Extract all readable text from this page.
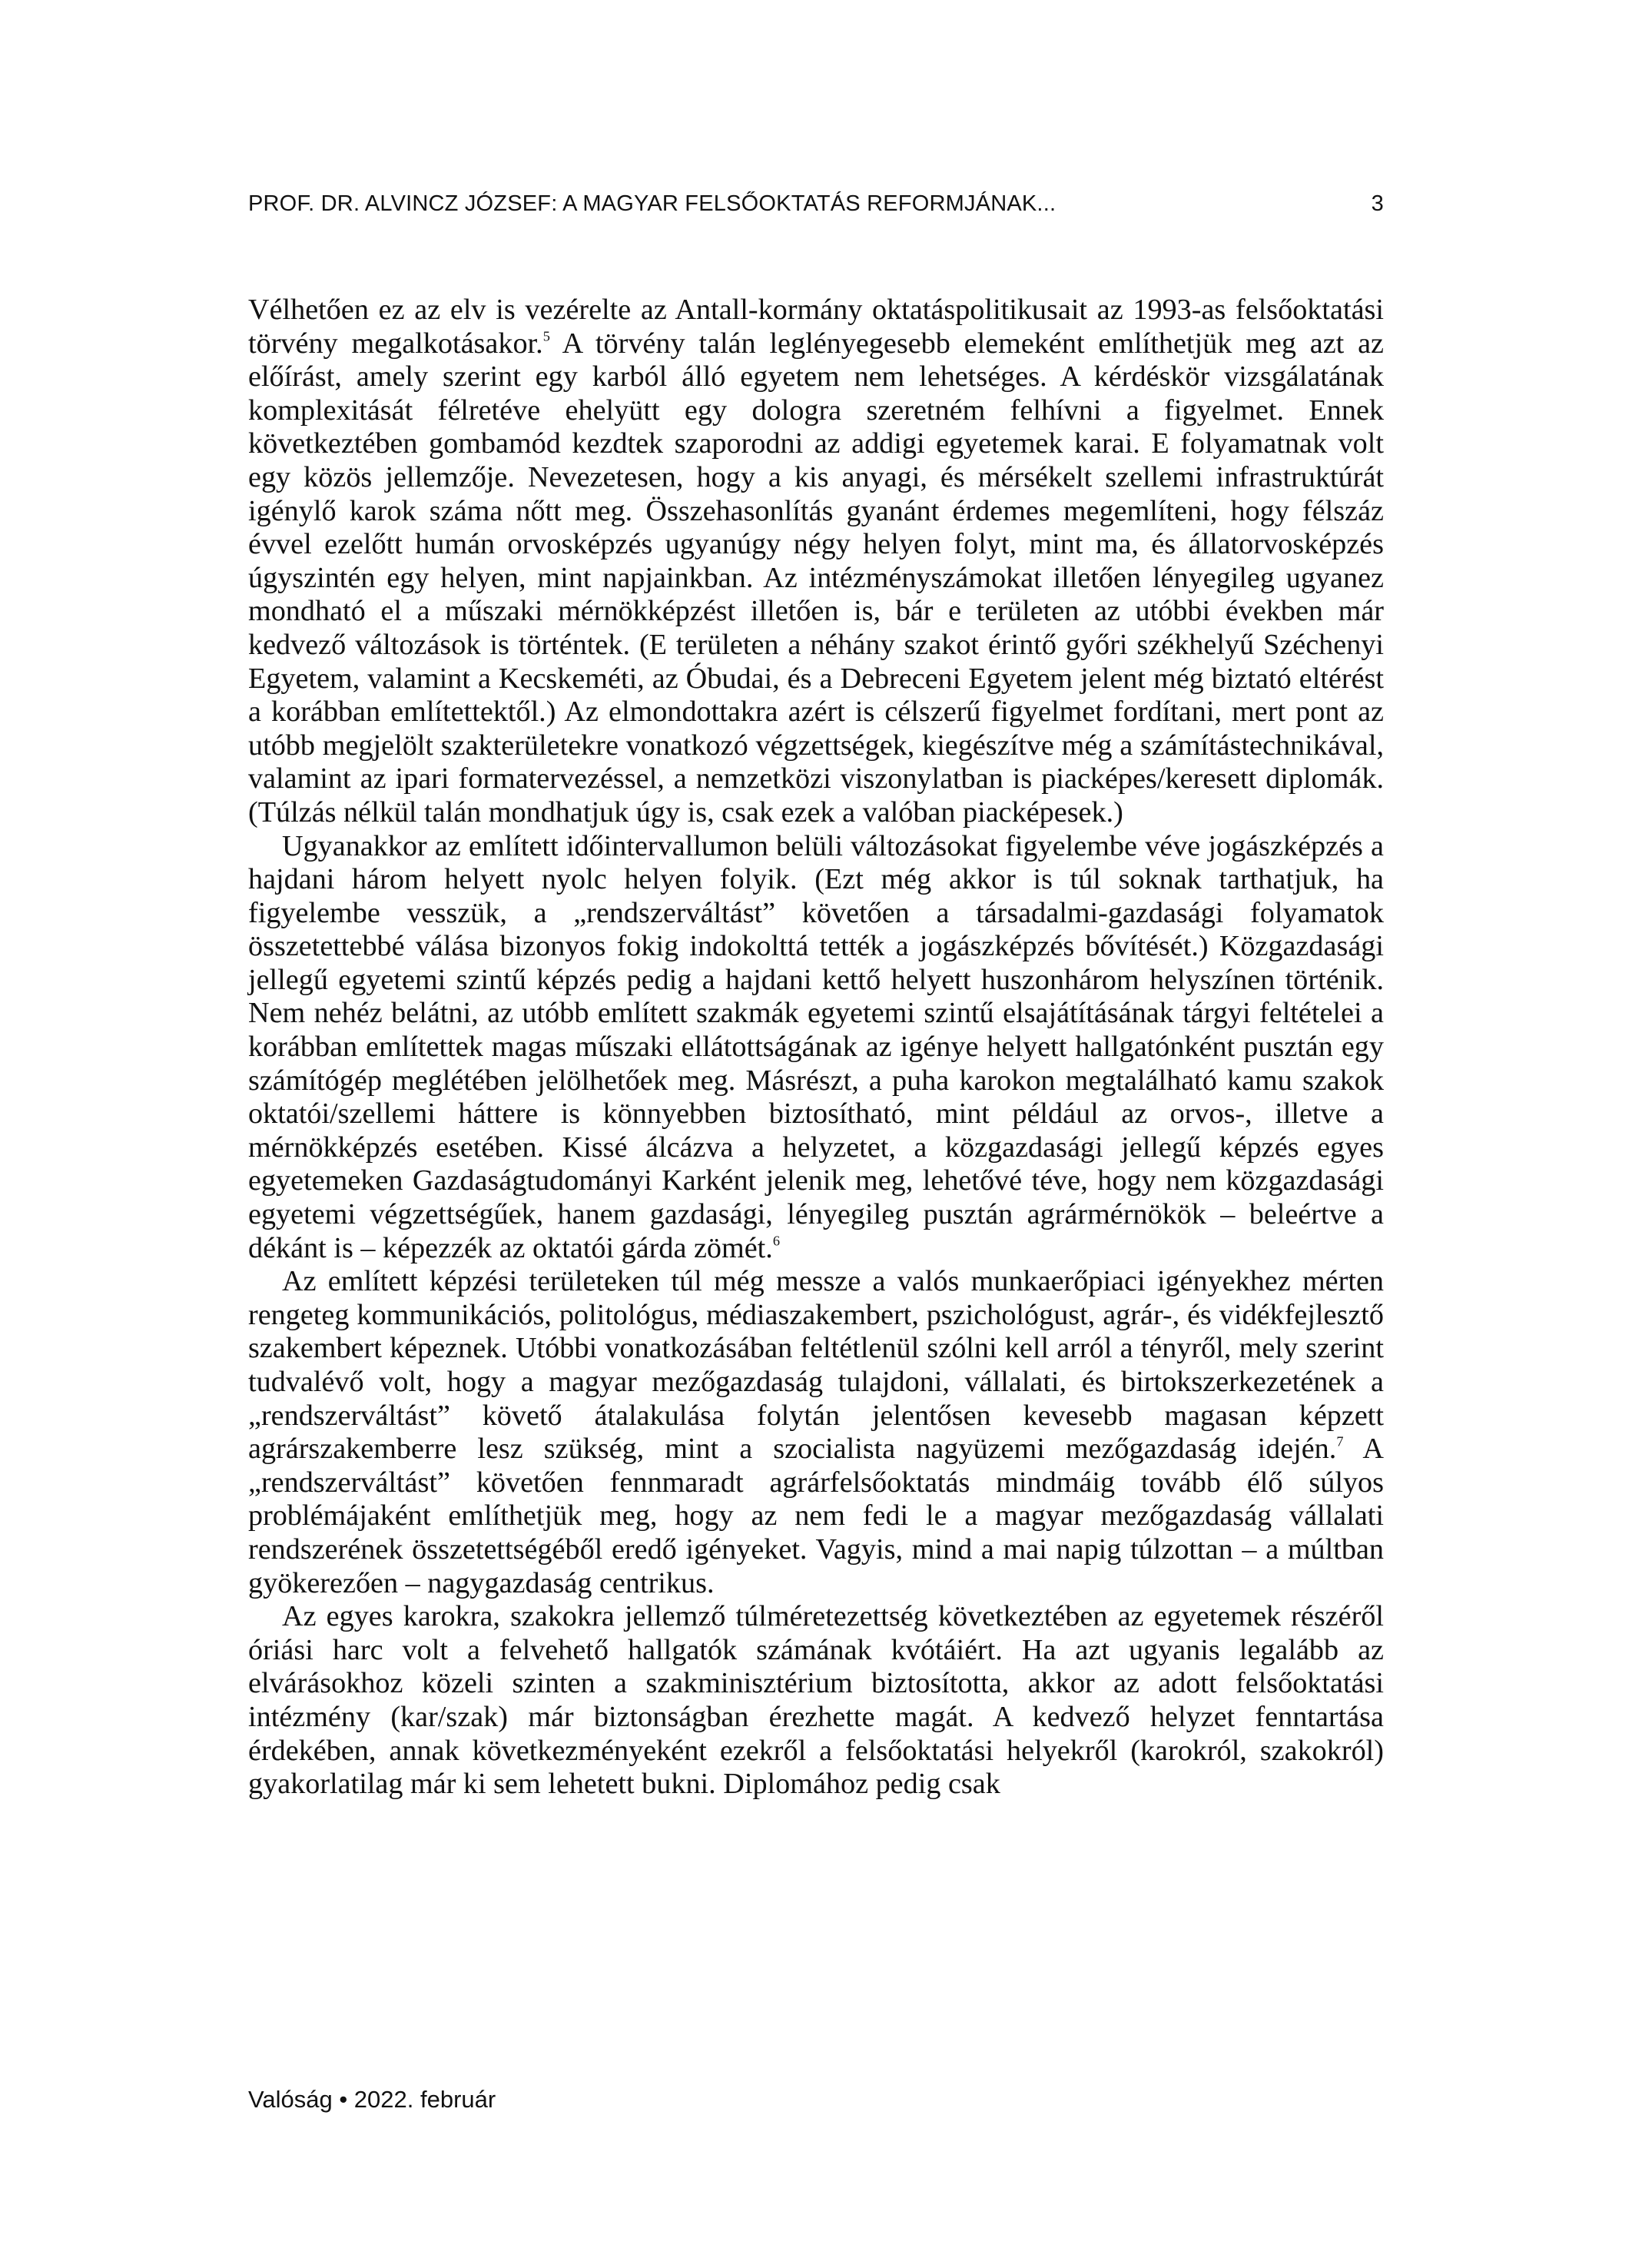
PROF. DR. ALVINCZ JÓZSEF: A MAGYAR FELSŐOKTATÁS REFORMJÁNAK...	3

Vélhetően ez az elv is vezérelte az Antall-kormány oktatáspolitikusait az 1993-as felsőoktatási törvény megalkotásakor.$^5$ A törvény talán leglényegesebb elemeként említhetjük meg azt az előírást, amely szerint egy karból álló egyetem nem lehetséges. A kérdéskör vizsgálatának komplexitását félretéve ehelyütt egy dologra szeretném felhívni a figyelmet. Ennek következtében gombamód kezdtek szaporodni az addigi egyetemek karai. E folyamatnak volt egy közös jellemzője. Nevezetesen, hogy a kis anyagi, és mérsékelt szellemi infrastruktúrát igénylő karok száma nőtt meg. Összehasonlítás gyanánt érdemes megemlíteni, hogy félszáz évvel ezelőtt humán orvosképzés ugyanúgy négy helyen folyt, mint ma, és állatorvosképzés úgyszintén egy helyen, mint napjainkban. Az intézményszámokat illetően lényegileg ugyanez mondható el a műszaki mérnökképzést illetően is, bár e területen az utóbbi években már kedvező változások is történtek. (E területen a néhány szakot érintő győri székhelyű Széchenyi Egyetem, valamint a Kecskeméti, az Óbudai, és a Debreceni Egyetem jelent még biztató eltérést a korábban említettektől.) Az elmondottakra azért is célszerű figyelmet fordítani, mert pont az utóbb megjelölt szakterületekre vonatkozó végzettségek, kiegészítve még a számítástechnikával, valamint az ipari formatervezéssel, a nemzetközi viszonylatban is piacképes/keresett diplomák. (Túlzás nélkül talán mondhatjuk úgy is, csak ezek a valóban piacképesek.)

Ugyanakkor az említett időintervallumon belüli változásokat figyelembe véve jogászképzés a hajdani három helyett nyolc helyen folyik. (Ezt még akkor is túl soknak tarthatjuk, ha figyelembe vesszük, a „rendszerváltást” követően a társadalmi-gazdasági folyamatok összetettebbé válása bizonyos fokig indokolttá tették a jogászképzés bővítését.) Közgazdasági jellegű egyetemi szintű képzés pedig a hajdani kettő helyett huszonhárom helyszínen történik. Nem nehéz belátni, az utóbb említett szakmák egyetemi szintű elsajátításának tárgyi feltételei a korábban említettek magas műszaki ellátottságának az igénye helyett hallgatónként pusztán egy számítógép meglétében jelölhetőek meg. Másrészt, a puha karokon megtalálható kamu szakok oktatói/szellemi háttere is könnyebben biztosítható, mint például az orvos-, illetve a mérnökképzés esetében. Kissé álcázva a helyzetet, a közgazdasági jellegű képzés egyes egyetemeken Gazdaságtudományi Karként jelenik meg, lehetővé téve, hogy nem közgazdasági egyetemi végzettségűek, hanem gazdasági, lényegileg pusztán agrármérnökök – beleértve a dékánt is – képezzék az oktatói gárda zömét.$^6$

Az említett képzési területeken túl még messze a valós munkaerőpiaci igényekhez mérten rengeteg kommunikációs, politológus, médiaszakembert, pszichológust, agrár-, és vidékfejlesztő szakembert képeznek. Utóbbi vonatkozásában feltétlenül szólni kell arról a tényről, mely szerint tudvalévő volt, hogy a magyar mezőgazdaság tulajdoni, vállalati, és birtokszerkezetének a „rendszerváltást” követő átalakulása folytán jelentősen kevesebb magasan képzett agrárszakemberre lesz szükség, mint a szocialista nagyüzemi mezőgazdaság idején.$^7$ A „rendszerváltást” követően fennmaradt agrárfelsőoktatás mindmáig tovább élő súlyos problémájaként említhetjük meg, hogy az nem fedi le a magyar mezőgazdaság vállalati rendszerének összetettségéből eredő igényeket. Vagyis, mind a mai napig túlzottan – a múltban gyökerezően – nagygazdaság centrikus.

Az egyes karokra, szakokra jellemző túlméretezettség következtében az egyetemek részéről óriási harc volt a felvehető hallgatók számának kvótáiért. Ha azt ugyanis legalább az elvárásokhoz közeli szinten a szakminisztérium biztosította, akkor az adott felsőoktatási intézmény (kar/szak) már biztonságban érezhette magát. A kedvező helyzet fenntartása érdekében, annak következményeként ezekről a felsőoktatási helyekről (karokról, szakokról) gyakorlatilag már ki sem lehetett bukni. Diplomához pedig csak

Valóság • 2022. február
